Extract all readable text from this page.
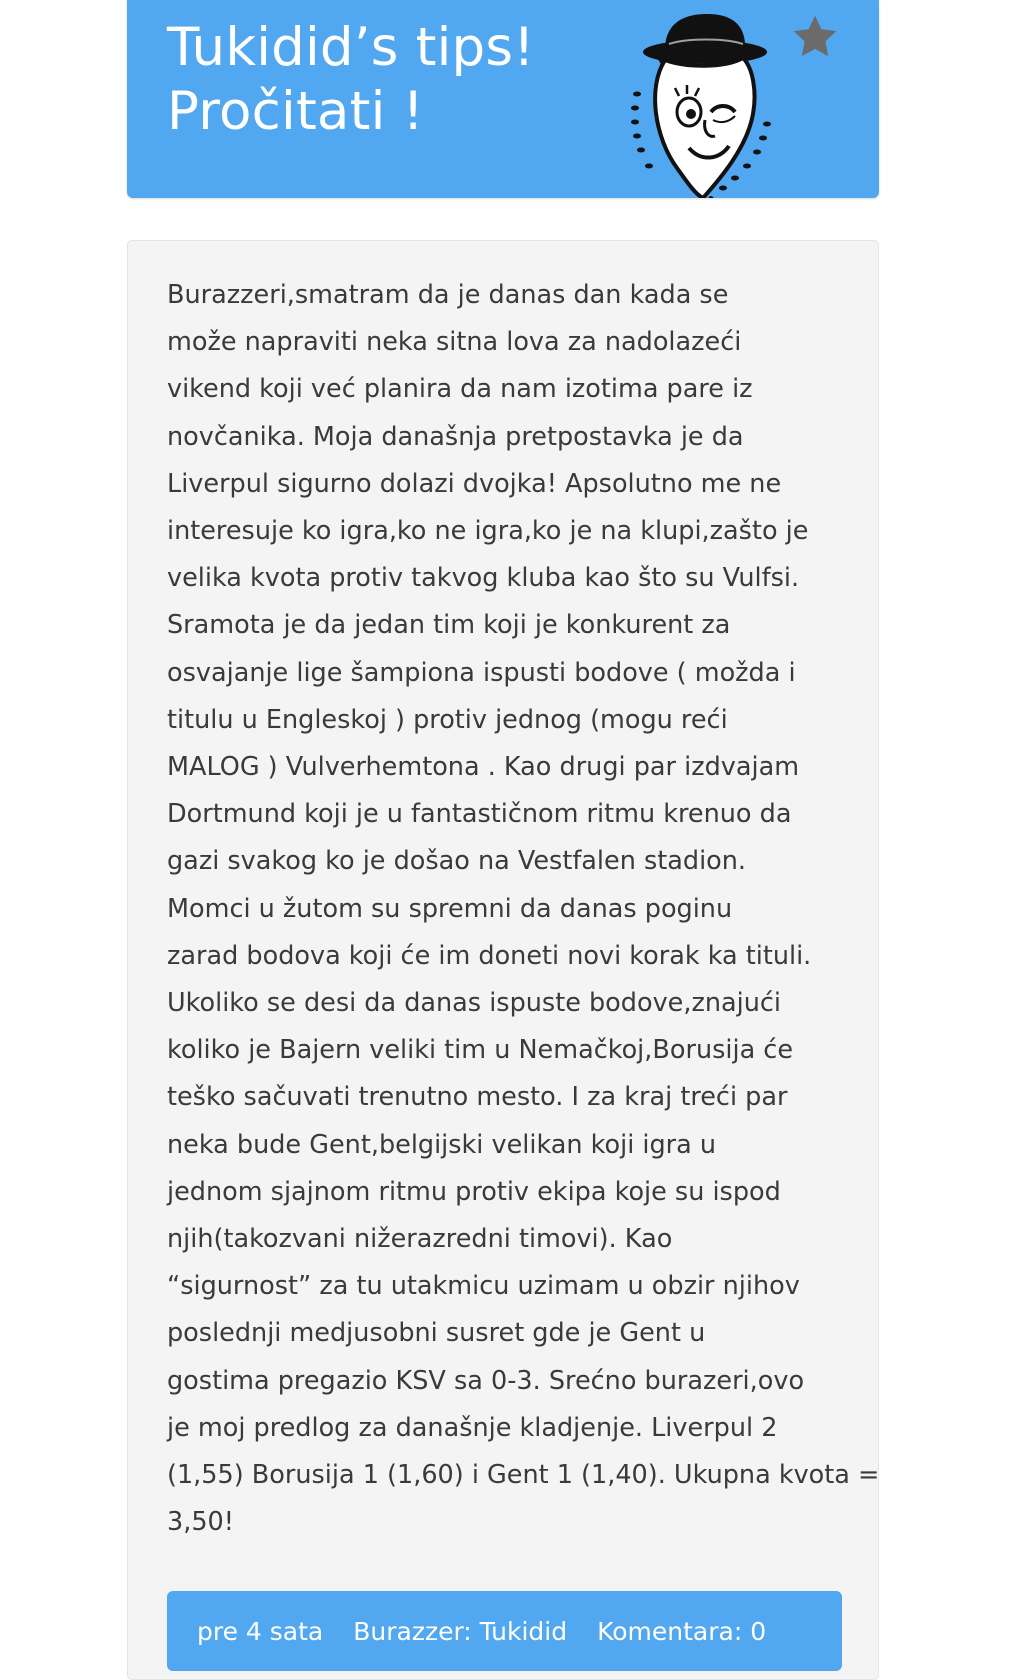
Tukidid’s tips!
Pročitati !

Burazzeri,smatram da je danas dan kada se
može napraviti neka sitna lova za nadolazeći
vikend koji već planira da nam izotima pare iz
novčanika. Moja današnja pretpostavka je da
Liverpul sigurno dolazi dvojka! Apsolutno me ne
interesuje ko igra,ko ne igra,ko je na klupi,zašto je
velika kvota protiv takvog kluba kao što su Vulfsi.
Sramota je da jedan tim koji je konkurent za
osvajanje lige šampiona ispusti bodove ( možda i
titulu u Engleskoj ) protiv jednog (mogu reći
MALOG ) Vulverhemtona . Kao drugi par izdvajam
Dortmund koji je u fantastičnom ritmu krenuo da
gazi svakog ko je došao na Vestfalen stadion.
Momci u žutom su spremni da danas poginu
zarad bodova koji će im doneti novi korak ka tituli.
Ukoliko se desi da danas ispuste bodove,znajući
koliko je Bajern veliki tim u Nemačkoj,Borusija će
teško sačuvati trenutno mesto. I za kraj treći par
neka bude Gent,belgijski velikan koji igra u
jednom sjajnom ritmu protiv ekipa koje su ispod
njih(takozvani nižerazredni timovi). Kao
“sigurnost” za tu utakmicu uzimam u obzir njihov
poslednji medjusobni susret gde je Gent u
gostima pregazio KSV sa 0-3. Srećno burazeri,ovo
je moj predlog za današnje kladjenje. Liverpul 2
(1,55) Borusija 1 (1,60) i Gent 1 (1,40). Ukupna kvota =
3,50!

pre 4 sata Burazzer: Tukidid Komentara: 0
